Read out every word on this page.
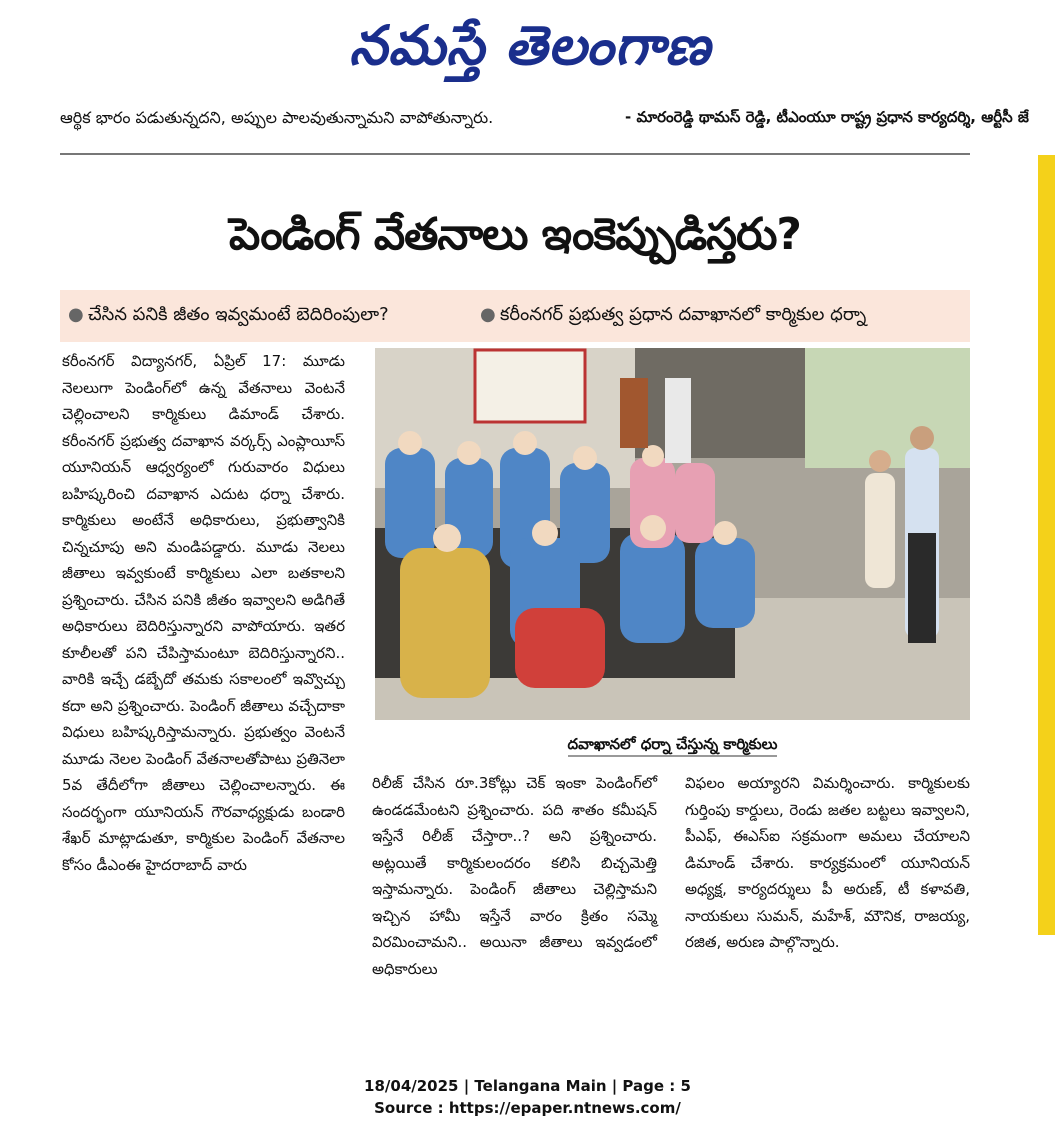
నమస్తే తెలంగాణ
ఆర్థిక భారం పడుతున్నదని, అప్పుల పాలవుతున్నామని వాపోతున్నారు.	- మారంరెడ్డి థామస్ రెడ్డి, టీఎంయూ రాష్ట్ర ప్రధాన కార్యదర్శి, ఆర్టీసీ జే
పెండింగ్ వేతనాలు ఇంకెప్పుడిస్తరు?
● చేసిన పనికి జీతం ఇవ్వమంటే బెదిరింపులా?	● కరీంనగర్ ప్రభుత్వ ప్రధాన దవాఖానలో కార్మికుల ధర్నా

కరీంనగర్ విద్యానగర్, ఏప్రిల్ 17: మూడు నెలలుగా పెండింగ్‌లో ఉన్న వేతనాలు వెంటనే చెల్లించాలని కార్మికులు డిమాండ్ చేశారు. కరీంనగర్ ప్రభుత్వ దవాఖాన వర్కర్స్ ఎంప్లాయీస్ యూనియన్ ఆధ్వర్యంలో గురువారం విధులు బహిష్కరించి దవాఖాన ఎదుట ధర్నా చేశారు. కార్మికులు అంటేనే అధికారులు, ప్రభుత్వానికి చిన్నచూపు అని మండిపడ్డారు. మూడు నెలలు జీతాలు ఇవ్వకుంటే కార్మికులు ఎలా బతకాలని ప్రశ్నించారు. చేసిన పనికి జీతం ఇవ్వాలని అడిగితే అధికారులు బెదిరిస్తున్నారని వాపోయారు. ఇతర కూలీలతో పని చేపిస్తామంటూ బెదిరిస్తున్నారని.. వారికి ఇచ్చే డబ్బేదో తమకు సకాలంలో ఇవ్వొచ్చు కదా అని ప్రశ్నించారు. పెండింగ్ జీతాలు వచ్చేదాకా విధులు బహిష్కరిస్తామన్నారు. ప్రభుత్వం వెంటనే మూడు నెలల పెండింగ్ వేతనాలతోపాటు ప్రతినెలా 5వ తేదీలోగా జీతాలు చెల్లించాలన్నారు. ఈ సందర్భంగా యూనియన్ గౌరవాధ్యక్షుడు బండారి శేఖర్ మాట్లాడుతూ, కార్మికుల పెండింగ్ వేతనాల కోసం డీఎంఈ హైదరాబాద్ వారు

దవాఖానలో ధర్నా చేస్తున్న కార్మికులు

రిలీజ్ చేసిన రూ.3కోట్లు చెక్ ఇంకా పెండింగ్‌లో ఉండడమేంటని ప్రశ్నించారు. పది శాతం కమీషన్ ఇస్తేనే రిలీజ్ చేస్తారా..? అని ప్రశ్నించారు. అట్లయితే కార్మికులందరం కలిసి బిచ్చమెత్తి ఇస్తామన్నారు. పెండింగ్ జీతాలు చెల్లిస్తామని ఇచ్చిన హామీ ఇస్తేనే వారం క్రితం సమ్మె విరమించామని.. అయినా జీతాలు ఇవ్వడంలో అధికారులు

విఫలం అయ్యారని విమర్శించారు. కార్మికులకు గుర్తింపు కార్డులు, రెండు జతల బట్టలు ఇవ్వాలని, పీఎఫ్, ఈఎస్ఐ సక్రమంగా అమలు చేయాలని డిమాండ్ చేశారు. కార్యక్రమంలో యూనియన్ అధ్యక్ష, కార్యదర్శులు పీ అరుణ్, టీ కళావతి, నాయకులు సుమన్, మహేశ్, మౌనిక, రాజయ్య, రజిత, అరుణ పాల్గొన్నారు.

18/04/2025 | Telangana Main | Page : 5
Source : https://epaper.ntnews.com/
